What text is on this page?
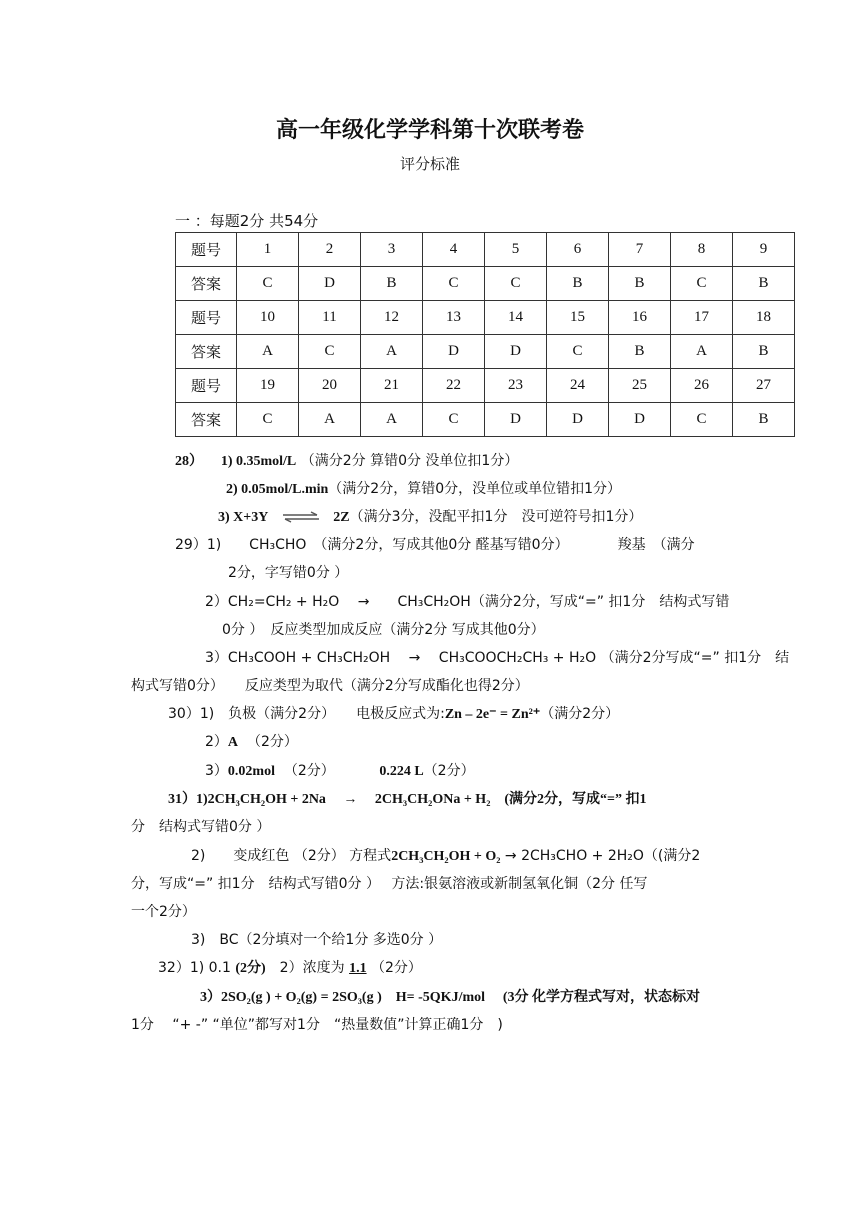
高一年级化学学科第十次联考卷
评分标准
一 ：每题2分 共54分
题号	1	2	3	4	5	6	7	8	9
答案	C	D	B	C	C	B	B	C	B
题号	10	11	12	13	14	15	16	17	18
答案	A	C	A	D	D	C	B	A	B
题号	19	20	21	22	23	24	25	26	27
答案	C	A	A	C	D	D	D	C	B
28） 1) 0.35mol/L （满分2分 算错0分 没单位扣1分）
2) 0.05mol/L.min（满分2分，算错0分，没单位或单位错扣1分）
3) X+3Y ⇌ 2Z（满分3分，没配平扣1分　没可逆符号扣1分）
29）1)　　CH₃CHO　（满分2分，写成其他0分 醛基写错0分）　　　　羧基　（满分
2分，字写错0分 ）
2）CH₂=CH₂ + H₂O　 →　　CH₃CH₂OH（满分2分，写成“=” 扣1分　结构式写错
0分 ）　反应类型加成反应（满分2分 写成其他0分）
3）CH₃COOH + CH₃CH₂OH　 →　 CH₃COOCH₂CH₃ + H₂O （满分2分写成“=” 扣1分　结
构式写错0分）　　反应类型为取代（满分2分写成酯化也得2分）
30）1)　负极（满分2分）　　电极反应式为:Zn – 2e⁻ = Zn²⁺（满分2分）
2）A （2分）
3）0.02mol （2分）	0.224 L（2分）
31）1)2CH₃CH₂OH + 2Na　 →　 2CH₃CH₂ONa + H₂　(满分2分，写成“=” 扣1
分　结构式写错0分 ）
2)　　变成红色 （2分） 方程式2CH₃CH₂OH + O₂ → 2CH₃CHO + 2H₂O（(满分2
分，写成“=” 扣1分　结构式写错0分 ）　 方法:银氨溶液或新制氢氧化铜（2分 任写
一个2分）
3)　BC（2分填对一个给1分 多选0分 ）
32）1) 0.1 (2分)　2）浓度为 1.1 （2分）
3）2SO₂(g ) + O₂(g) = 2SO₃(g )　H= -5QKJ/mol (3分 化学方程式写对，状态标对
1分　 “+ -” “单位”都写对1分　“热量数值”计算正确1分　)
